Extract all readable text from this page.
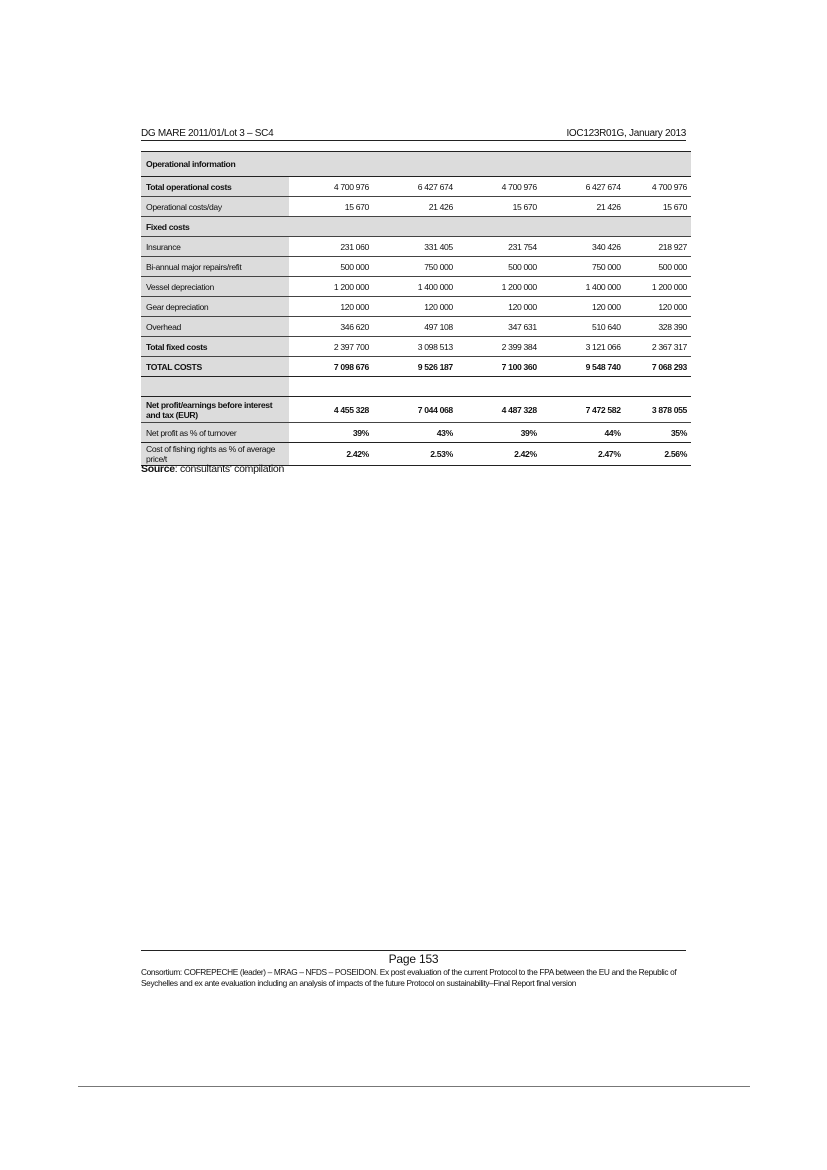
DG MARE 2011/01/Lot 3 – SC4	IOC123R01G, January 2013
Operational information					
Total operational costs	4 700 976	6 427 674	4 700 976	6 427 674	4 700 976
Operational costs/day	15 670	21 426	15 670	21 426	15 670
Fixed costs					
Insurance	231 060	331 405	231 754	340 426	218 927
Bi-annual major repairs/refit	500 000	750 000	500 000	750 000	500 000
Vessel depreciation	1 200 000	1 400 000	1 200 000	1 400 000	1 200 000
Gear depreciation	120 000	120 000	120 000	120 000	120 000
Overhead	346 620	497 108	347 631	510 640	328 390
Total fixed costs	2 397 700	3 098 513	2 399 384	3 121 066	2 367 317
TOTAL COSTS	7 098 676	9 526 187	7 100 360	9 548 740	7 068 293

Net profit/earnings before interest and tax (EUR)	4 455 328	7 044 068	4 487 328	7 472 582	3 878 055
Net profit as % of turnover	39%	43%	39%	44%	35%
Cost of fishing rights as % of average price/t	2.42%	2.53%	2.42%	2.47%	2.56%
Source: consultants' compilation
Page 153
Consortium: COFREPECHE (leader) – MRAG – NFDS – POSEIDON. Ex post evaluation of the current Protocol to the FPA between the EU and the Republic of Seychelles and ex ante evaluation including an analysis of impacts of the future Protocol on sustainability–Final Report final version
